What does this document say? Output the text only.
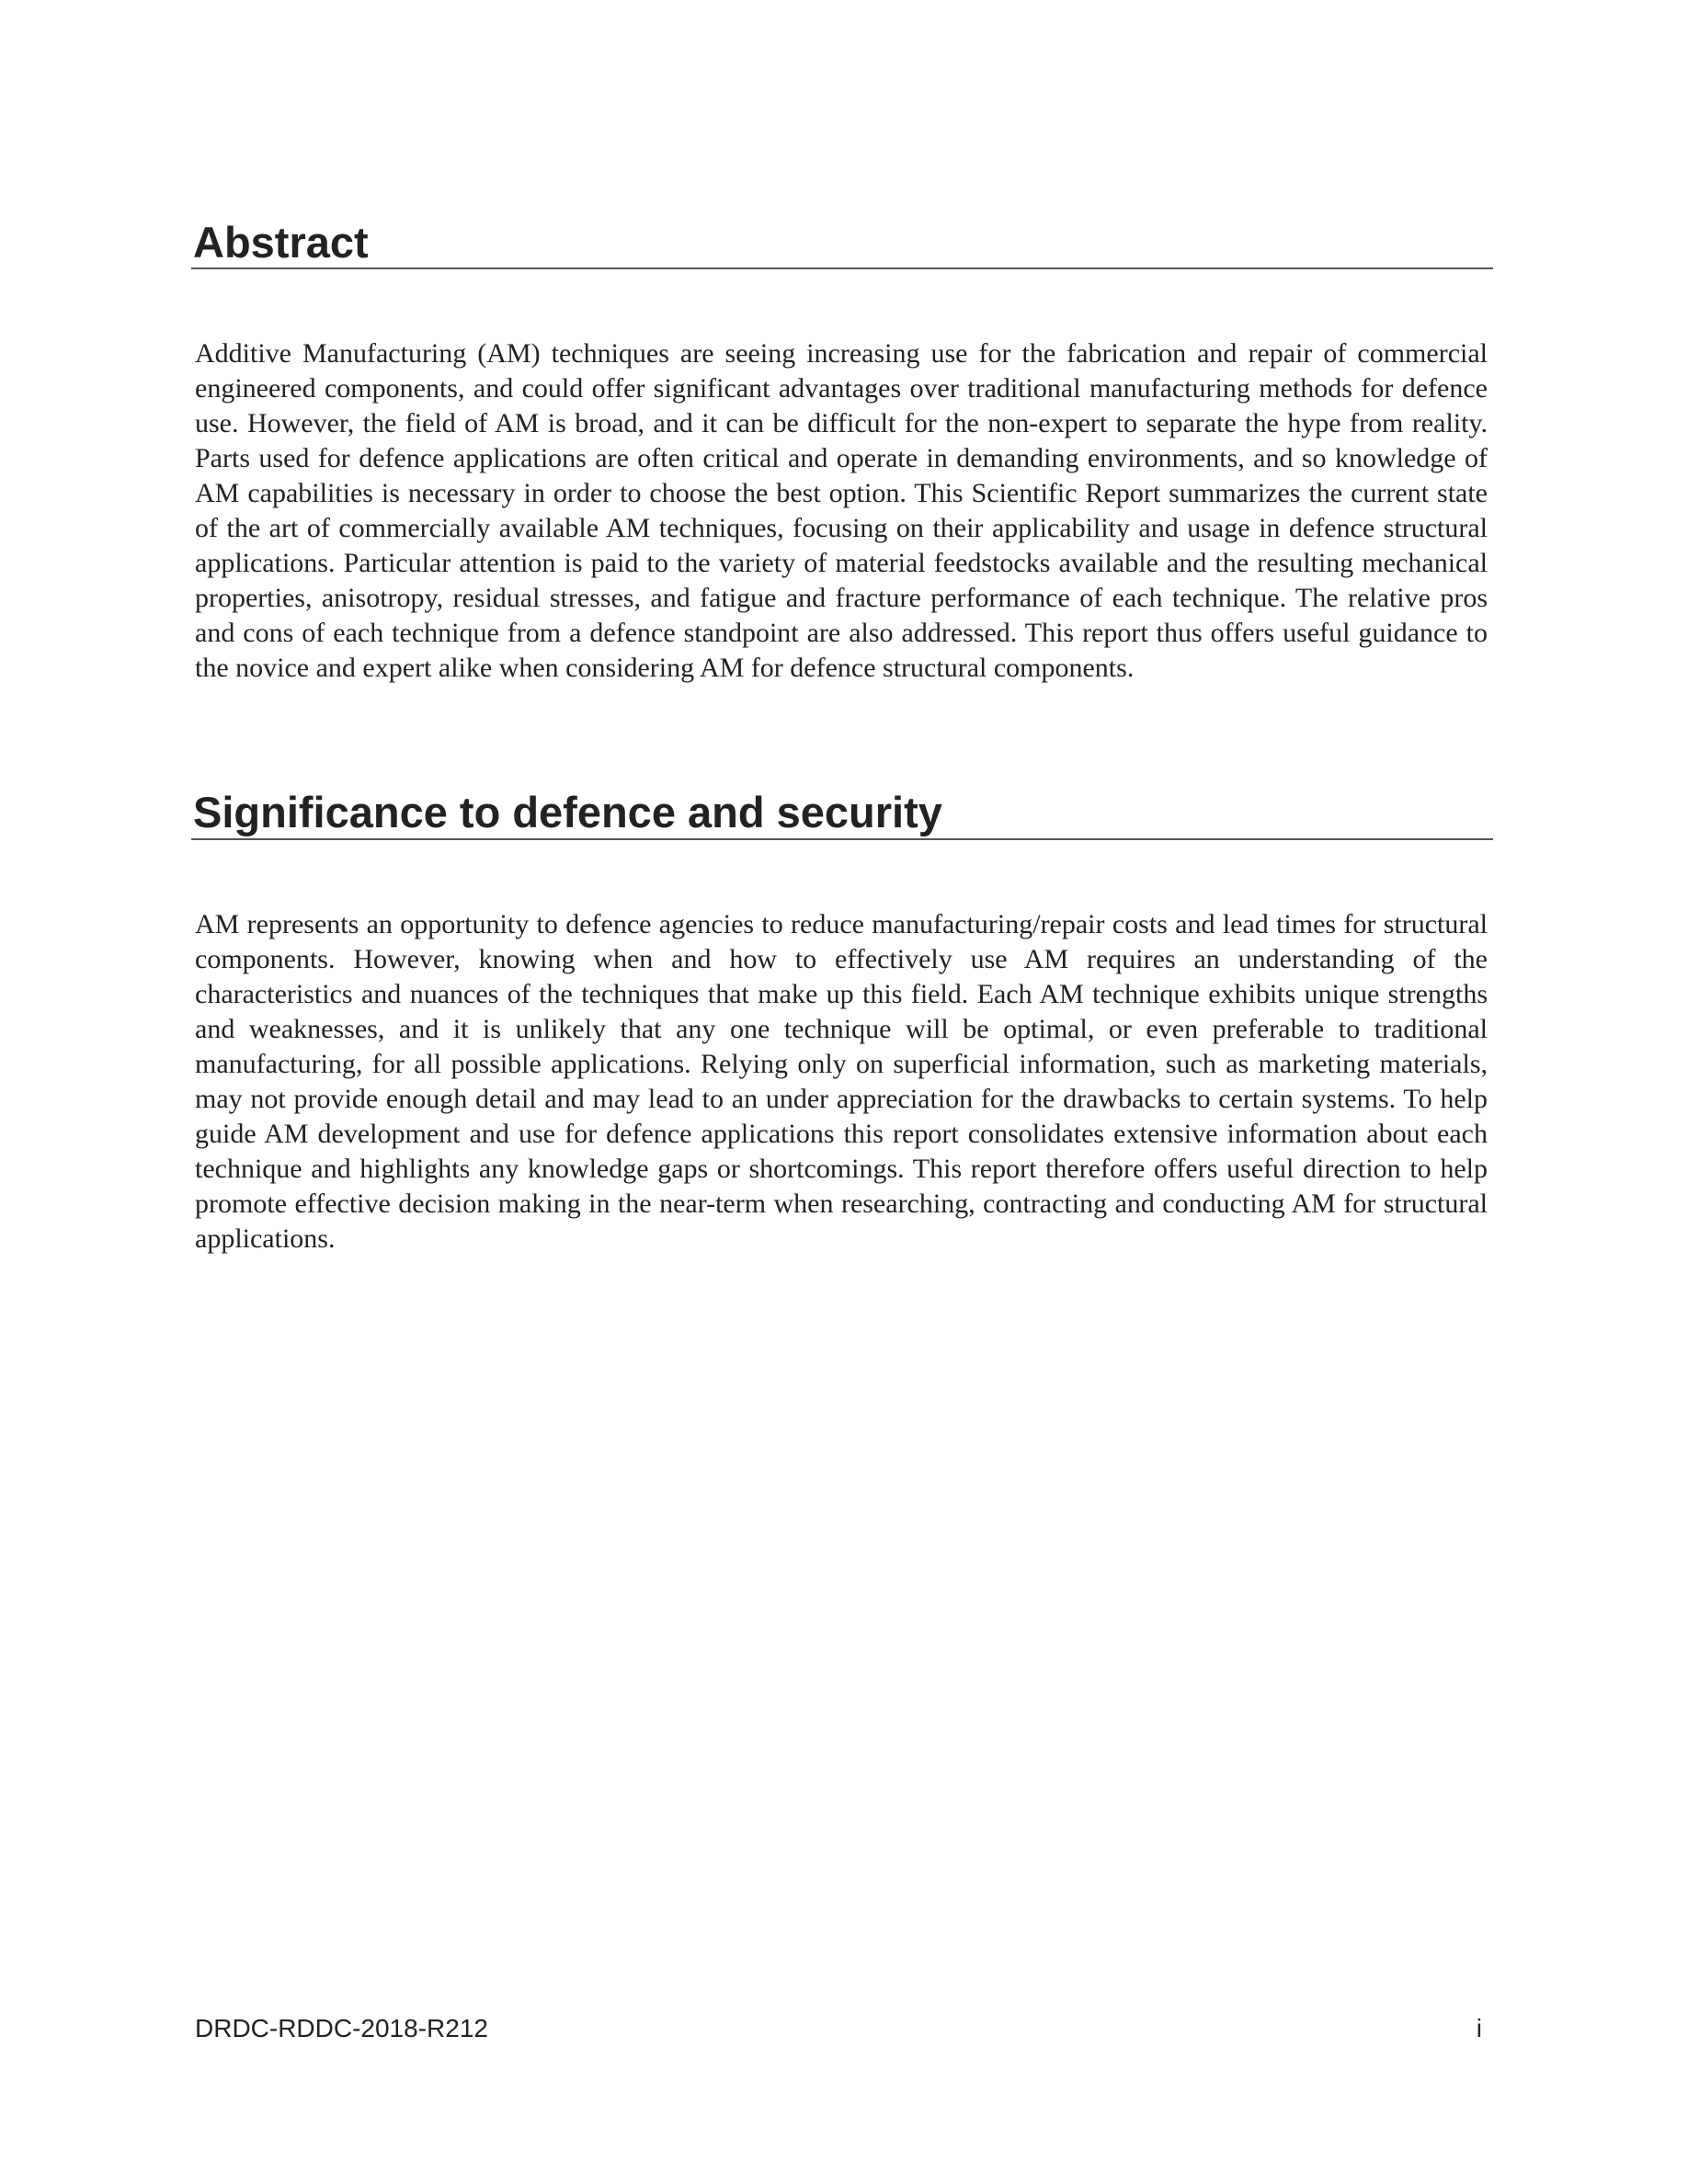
Abstract

Additive Manufacturing (AM) techniques are seeing increasing use for the fabrication and repair of commercial engineered components, and could offer significant advantages over traditional manufacturing methods for defence use. However, the field of AM is broad, and it can be difficult for the non-expert to separate the hype from reality. Parts used for defence applications are often critical and operate in demanding environments, and so knowledge of AM capabilities is necessary in order to choose the best option. This Scientific Report summarizes the current state of the art of commercially available AM techniques, focusing on their applicability and usage in defence structural applications. Particular attention is paid to the variety of material feedstocks available and the resulting mechanical properties, anisotropy, residual stresses, and fatigue and fracture performance of each technique. The relative pros and cons of each technique from a defence standpoint are also addressed. This report thus offers useful guidance to the novice and expert alike when considering AM for defence structural components.

Significance to defence and security

AM represents an opportunity to defence agencies to reduce manufacturing/repair costs and lead times for structural components. However, knowing when and how to effectively use AM requires an understanding of the characteristics and nuances of the techniques that make up this field. Each AM technique exhibits unique strengths and weaknesses, and it is unlikely that any one technique will be optimal, or even preferable to traditional manufacturing, for all possible applications. Relying only on superficial information, such as marketing materials, may not provide enough detail and may lead to an under appreciation for the drawbacks to certain systems. To help guide AM development and use for defence applications this report consolidates extensive information about each technique and highlights any knowledge gaps or shortcomings. This report therefore offers useful direction to help promote effective decision making in the near-term when researching, contracting and conducting AM for structural applications.

DRDC-RDDC-2018-R212	i
